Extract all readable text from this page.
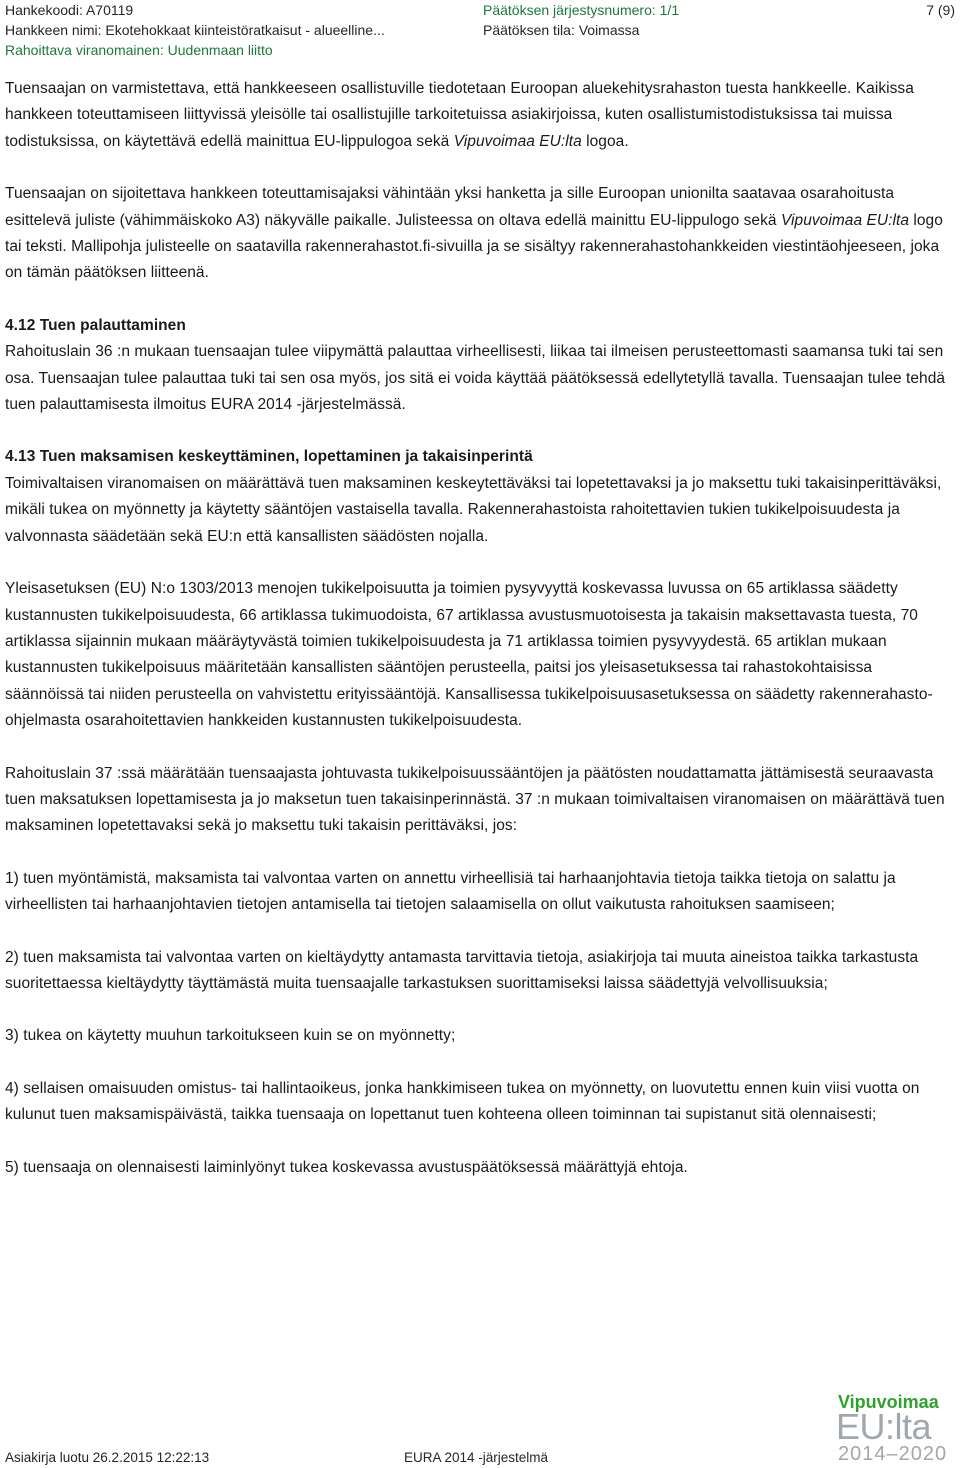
Hankekoodi: A70119
Hankkeen nimi: Ekotehokkaat kiinteistöratkaisut - alueelline...
Rahoittava viranomainen: Uudenmaan liitto
Päätöksen järjestysnumero: 1/1
Päätöksen tila: Voimassa
7 (9)

Tuensaajan on varmistettava, että hankkeeseen osallistuville tiedotetaan Euroopan aluekehitysrahaston tuesta hankkeelle. Kaikissa hankkeen toteuttamiseen liittyvissä yleisölle tai osallistujille tarkoitetuissa asiakirjoissa, kuten osallistumistodistuksissa tai muissa todistuksissa, on käytettävä edellä mainittua EU-lippulogoa sekä Vipuvoimaa EU:lta logoa.

Tuensaajan on sijoitettava hankkeen toteuttamisajaksi vähintään yksi hanketta ja sille Euroopan unionilta saatavaa osarahoitusta esittelevä juliste (vähimmäiskoko A3) näkyvälle paikalle. Julisteessa on oltava edellä mainittu EU-lippulogo sekä Vipuvoimaa EU:lta logo tai teksti. Mallipohja julisteelle on saatavilla rakennerahastot.fi-sivuilla ja se sisältyy rakennerahastohankkeiden viestintäohjeeseen, joka on tämän päätöksen liitteenä.

4.12 Tuen palauttaminen

Rahoituslain 36 :n mukaan tuensaajan tulee viipymättä palauttaa virheellisesti, liikaa tai ilmeisen perusteettomasti saamansa tuki tai sen osa. Tuensaajan tulee palauttaa tuki tai sen osa myös, jos sitä ei voida käyttää päätöksessä edellytetyllä tavalla. Tuensaajan tulee tehdä tuen palauttamisesta ilmoitus EURA 2014 -järjestelmässä.

4.13 Tuen maksamisen keskeyttäminen, lopettaminen ja takaisinperintä

Toimivaltaisen viranomaisen on määrättävä tuen maksaminen keskeytettäväksi tai lopetettavaksi ja jo maksettu tuki takaisinperittäväksi, mikäli tukea on myönnetty ja käytetty sääntöjen vastaisella tavalla. Rakennerahastoista rahoitettavien tukien tukikelpoisuudesta ja valvonnasta säädetään sekä EU:n että kansallisten säädösten nojalla.

Yleisasetuksen (EU) N:o 1303/2013 menojen tukikelpoisuutta ja toimien pysyvyyttä koskevassa luvussa on 65 artiklassa säädetty kustannusten tukikelpoisuudesta, 66 artiklassa tukimuodoista, 67 artiklassa avustusmuotoisesta ja takaisin maksettavasta tuesta, 70 artiklassa sijainnin mukaan määräytyvästä toimien tukikelpoisuudesta ja 71 artiklassa toimien pysyvyydestä. 65 artiklan mukaan kustannusten tukikelpoisuus määritetään kansallisten sääntöjen perusteella, paitsi jos yleisasetuksessa tai rahastokohtaisissa säännöissä tai niiden perusteella on vahvistettu erityissääntöjä. Kansallisessa tukikelpoisuusasetuksessa on säädetty rakennerahasto-ohjelmasta osarahoitettavien hankkeiden kustannusten tukikelpoisuudesta.

Rahoituslain 37 :ssä määrätään tuensaajasta johtuvasta tukikelpoisuussääntöjen ja päätösten noudattamatta jättämisestä seuraavasta tuen maksatuksen lopettamisesta ja jo maksetun tuen takaisinperinnästä. 37 :n mukaan toimivaltaisen viranomaisen on määrättävä tuen maksaminen lopetettavaksi sekä jo maksettu tuki takaisin perittäväksi, jos:

1) tuen myöntämistä, maksamista tai valvontaa varten on annettu virheellisiä tai harhaanjohtavia tietoja taikka tietoja on salattu ja virheellisten tai harhaanjohtavien tietojen antamisella tai tietojen salaamisella on ollut vaikutusta rahoituksen saamiseen;

2) tuen maksamista tai valvontaa varten on kieltäydytty antamasta tarvittavia tietoja, asiakirjoja tai muuta aineistoa taikka tarkastusta suoritettaessa kieltäydytty täyttämästä muita tuensaajalle tarkastuksen suorittamiseksi laissa säädettyjä velvollisuuksia;

3) tukea on käytetty muuhun tarkoitukseen kuin se on myönnetty;

4) sellaisen omaisuuden omistus- tai hallintaoikeus, jonka hankkimiseen tukea on myönnetty, on luovutettu ennen kuin viisi vuotta on kulunut tuen maksamispäivästä, taikka tuensaaja on lopettanut tuen kohteena olleen toiminnan tai supistanut sitä olennaisesti;

5) tuensaaja on olennaisesti laiminlyönyt tukea koskevassa avustuspäätöksessä määrättyjä ehtoja.

Asiakirja luotu 26.2.2015 12:22:13	EURA 2014 -järjestelmä
Vipuvoimaa
EU:lta
2014–2020
